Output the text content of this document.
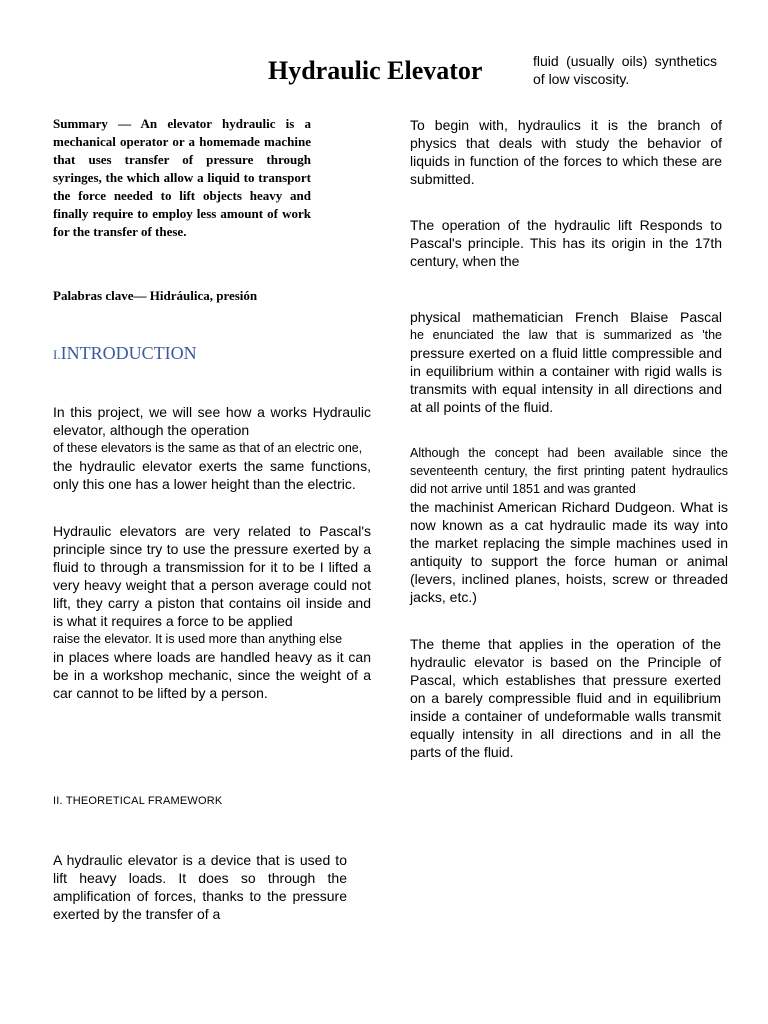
Hydraulic Elevator	fluid (usually oils) synthetics of low viscosity.
Summary — An elevator hydraulic is a mechanical operator or a homemade machine that uses transfer of pressure through syringes, the which allow a liquid to transport the force needed to lift objects heavy and finally require to employ less amount of work for the transfer of these.
Palabras clave— Hidráulica, presión
I.INTRODUCTION
In this project, we will see how a works Hydraulic elevator, although the operation
of these elevators is the same as that of an electric one,
the hydraulic elevator exerts the same functions, only this one has a lower height than the electric.
Hydraulic elevators are very related to Pascal's principle since try to use the pressure exerted by a fluid to through a transmission for it to be I lifted a very heavy weight that a person average could not lift, they carry a piston that contains oil inside and is what it requires a force to be applied
raise the elevator. It is used more than anything else
in places where loads are handled heavy as it can be in a workshop mechanic, since the weight of a car cannot to be lifted by a person.
II. THEORETICAL FRAMEWORK
A hydraulic elevator is a device that is used to lift heavy loads. It does so through the amplification of forces, thanks to the pressure exerted by the transfer of a
To begin with, hydraulics it is the branch of physics that deals with study the behavior of liquids in function of the forces to which these are submitted.
The operation of the hydraulic lift Responds to Pascal's principle. This has its origin in the 17th century, when the
physical mathematician French Blaise Pascal
he enunciated the law that is summarized as 'the
pressure exerted on a fluid little compressible and in equilibrium within a container with rigid walls is transmits with equal intensity in all directions and at all points of the fluid.
Although the concept had been available since the seventeenth century, the first printing patent hydraulics did not arrive until 1851 and was granted
the machinist American Richard Dudgeon. What is now known as a cat hydraulic made its way into the market replacing the simple machines used in antiquity to support the force human or animal (levers, inclined planes, hoists, screw or threaded jacks, etc.)
The theme that applies in the operation of the hydraulic elevator is based on the Principle of Pascal, which establishes that pressure exerted on a barely compressible fluid and in equilibrium inside a container of undeformable walls transmit equally intensity in all directions and in all the parts of the fluid.
